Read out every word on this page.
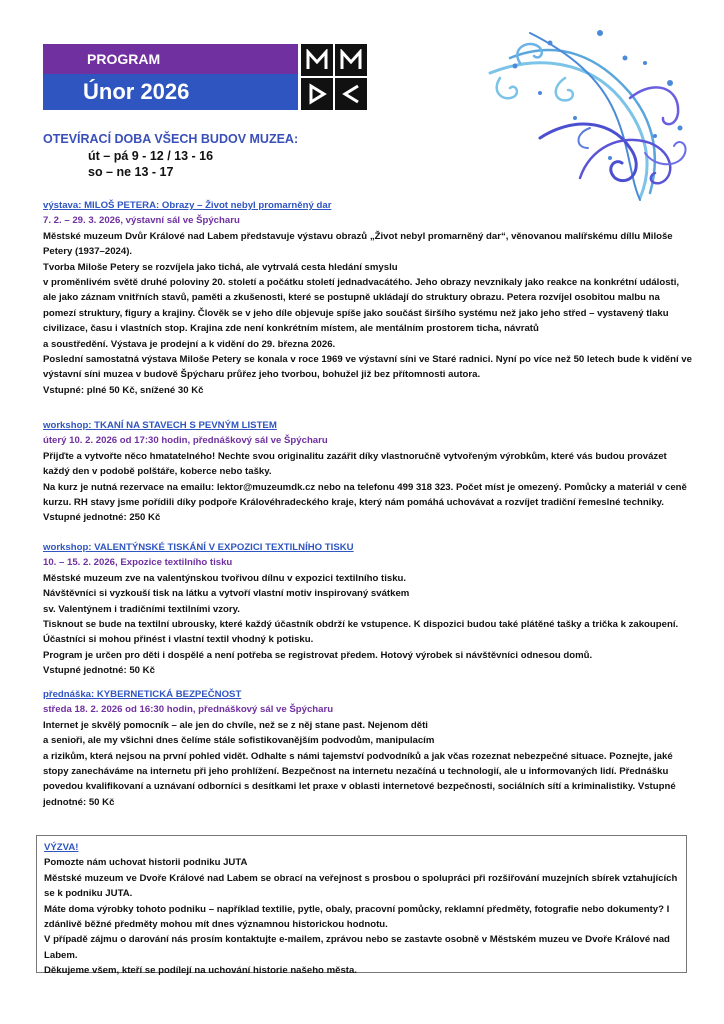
PROGRAM
Únor 2026
OTEVÍRACÍ DOBA VŠECH BUDOV MUZEA:
út – pá 9 - 12 / 13 - 16
so – ne 13 - 17
výstava: MILOŠ PETERA: Obrazy – Život nebyl promarněný dar
7. 2. – 29. 3. 2026, výstavní sál ve Špýcharu

Městské muzeum Dvůr Králové nad Labem představuje výstavu obrazů „Život nebyl promarněný dar“, věnovanou malířskému díllu Miloše Petery (1937–2024).

Tvorba Miloše Petery se rozvíjela jako tichá, ale vytrvalá cesta hledání smyslu

v proměnlivém světě druhé poloviny 20. století a počátku století jednadvacátého. Jeho obrazy nevznikaly jako reakce na konkrétní události, ale jako záznam vnitřních stavů, paměti a zkušenosti, které se postupně ukládají do struktury obrazu. Petera rozvíjel osobitou malbu na pomezí struktury, figury a krajiny. Člověk se v jeho díle objevuje spíše jako součást širšího systému než jako jeho střed – vystavený tlaku civilizace, času i vlastních stop. Krajina zde není konkrétním místem, ale mentálním prostorem ticha, návratů

a soustředění. Výstava je prodejní a k vidění do 29. března 2026.

Poslední samostatná výstava Miloše Petery se konala v roce 1969 ve výstavní síni ve Staré radnici. Nyní po více než 50 letech bude k vidění ve výstavní síni muzea v budově Špýcharu průřez jeho tvorbou, bohužel již bez přítomnosti autora.

Vstupné: plné 50 Kč, snížené 30 Kč

workshop: TKANÍ NA STAVECH S PEVNÝM LISTEM
úterý 10. 2. 2026 od 17:30 hodin, přednáškový sál ve Špýcharu

Přijďte a vytvořte něco hmatatelného! Nechte svou originalitu zazářit díky vlastnoručně vytvořeným výrobkům, které vás budou provázet každý den v podobě polštáře, koberce nebo tašky.

Na kurz je nutná rezervace na emailu: lektor@muzeumdk.cz nebo na telefonu 499 318 323. Počet míst je omezený. Pomůcky a materiál v ceně kurzu. RH stavy jsme pořídili díky podpoře Královéhradeckého kraje, který nám pomáhá uchovávat a rozvíjet tradiční řemeslné techniky. Vstupné jednotné: 250 Kč

workshop: VALENTÝNSKÉ TISKÁNÍ V EXPOZICI TEXTILNÍHO TISKU
10. – 15. 2. 2026, Expozice textilního tisku

Městské muzeum zve na valentýnskou tvořivou dílnu v expozici textilního tisku.

Návštěvníci si vyzkouší tisk na látku a vytvoří vlastní motiv inspirovaný svátkem

sv. Valentýnem i tradičními textilními vzory.

Tisknout se bude na textilní ubrousky, které každý účastník obdrží ke vstupence. K dispozici budou také plátěné tašky a trička k zakoupení. Účastníci si mohou přinést i vlastní textil vhodný k potisku.

Program je určen pro děti i dospělé a není potřeba se registrovat předem. Hotový výrobek si návštěvníci odnesou domů.

Vstupné jednotné: 50 Kč

přednáška: KYBERNETICKÁ BEZPEČNOST
středa 18. 2. 2026 od 16:30 hodin, přednáškový sál ve Špýcharu

Internet je skvělý pomocník – ale jen do chvíle, než se z něj stane past. Nejenom děti

a senioři, ale my všichni dnes čelíme stále sofistikovanějším podvodům, manipulacím

a rizikům, která nejsou na první pohled vidět. Odhalte s námi tajemství podvodníků a jak včas rozeznat nebezpečné situace. Poznejte, jaké stopy zanecháváme na internetu při jeho prohlížení. Bezpečnost na internetu nezačíná u technologií, ale u informovaných lidí. Přednášku povedou kvalifikovaní a uznávaní odborníci s desítkami let praxe v oblasti internetové bezpečnosti, sociálních sítí a kriminalistiky. Vstupné jednotné: 50 Kč

VÝZVA!

Pomozte nám uchovat historii podniku JUTA

Městské muzeum ve Dvoře Králové nad Labem se obrací na veřejnost s prosbou o spolupráci při rozšiřování muzejních sbírek vztahujících se k podniku JUTA.

Máte doma výrobky tohoto podniku – například textilie, pytle, obaly, pracovní pomůcky, reklamní předměty, fotografie nebo dokumenty? I zdánlivě běžné předměty mohou mít dnes významnou historickou hodnotu.

V případě zájmu o darování nás prosím kontaktujte e-mailem, zprávou nebo se zastavte osobně v Městském muzeu ve Dvoře Králové nad Labem.

Děkujeme všem, kteří se podílejí na uchování historie našeho města.
